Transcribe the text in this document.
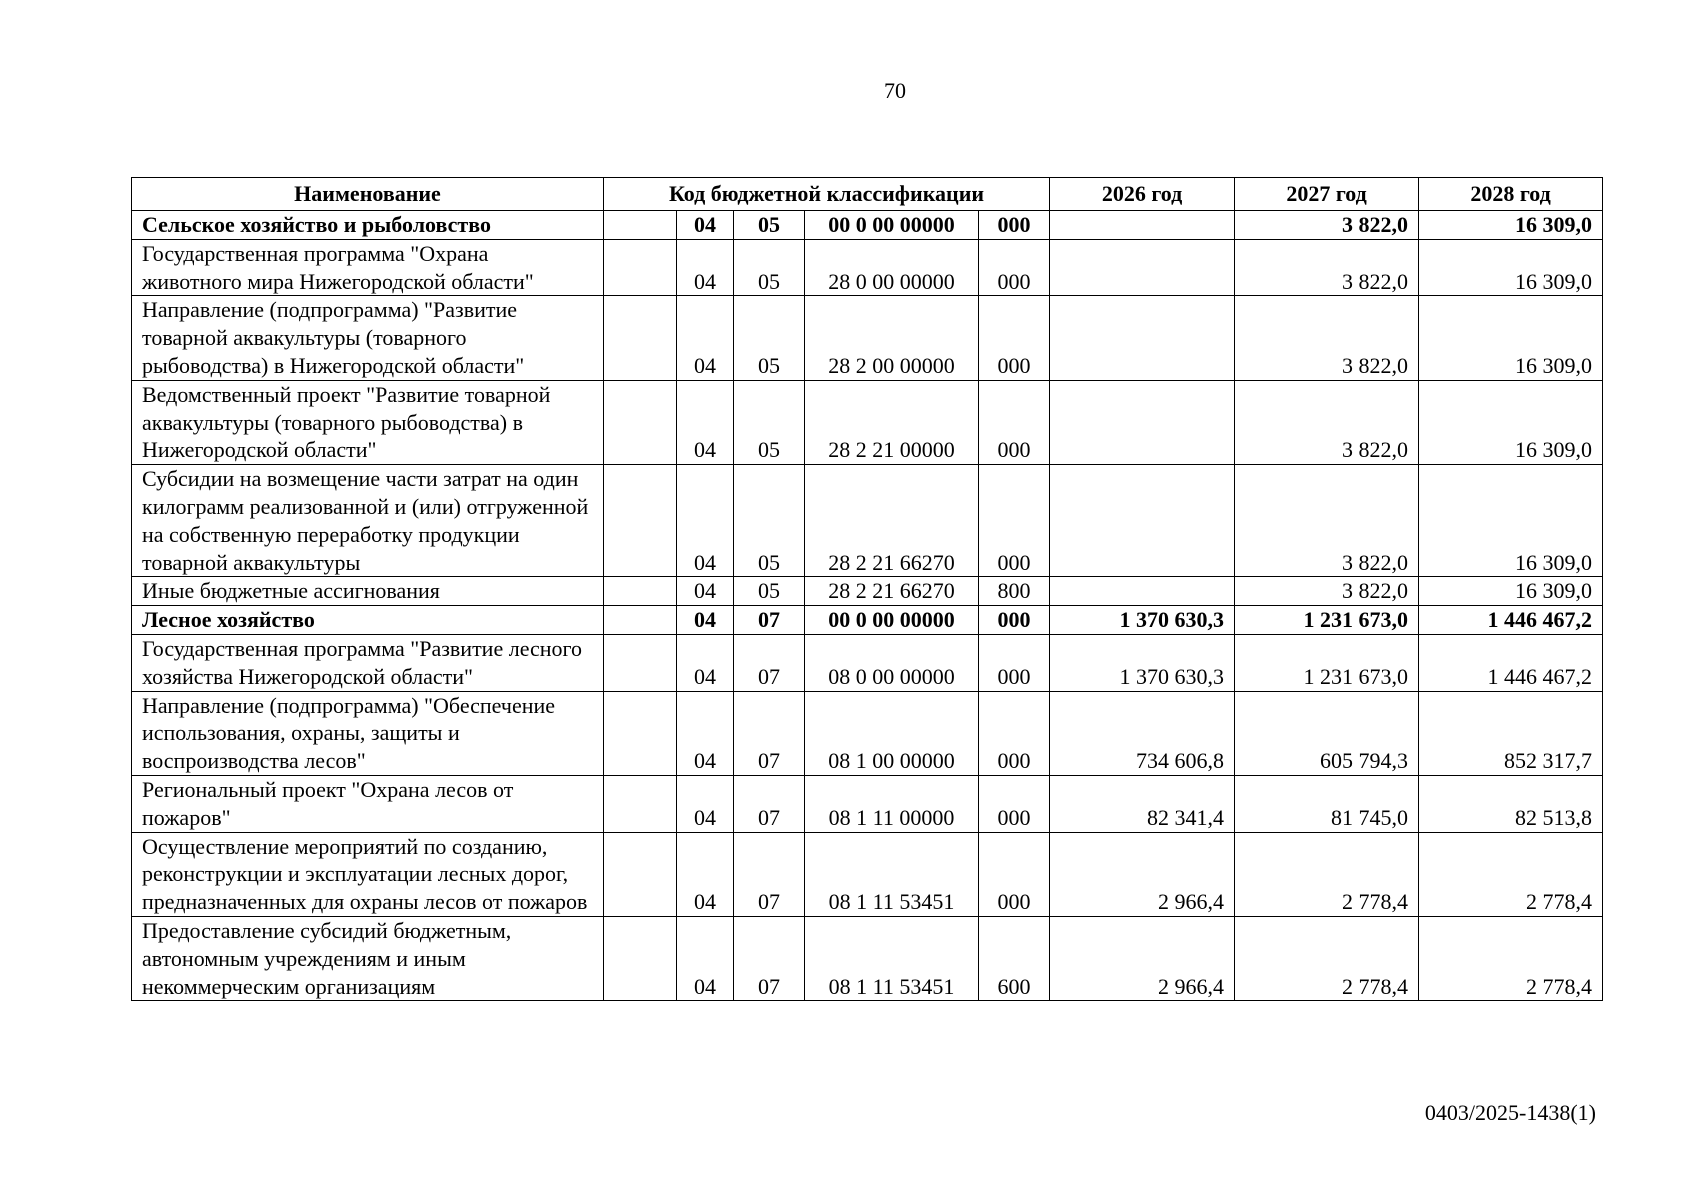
70
Наименование	Код бюджетной классификации					2026 год	2027 год	2028 год
Сельское хозяйство и рыболовство		04	05	00 0 00 00000	000		3 822,0	16 309,0
Государственная программа "Охрана животного мира Нижегородской области"		04	05	28 0 00 00000	000		3 822,0	16 309,0
Направление (подпрограмма) "Развитие товарной аквакультуры (товарного рыбоводства) в Нижегородской области"		04	05	28 2 00 00000	000		3 822,0	16 309,0
Ведомственный проект "Развитие товарной аквакультуры (товарного рыбоводства) в Нижегородской области"		04	05	28 2 21 00000	000		3 822,0	16 309,0
Субсидии на возмещение части затрат на один килограмм реализованной и (или) отгруженной на собственную переработку продукции товарной аквакультуры		04	05	28 2 21 66270	000		3 822,0	16 309,0
Иные бюджетные ассигнования		04	05	28 2 21 66270	800		3 822,0	16 309,0
Лесное хозяйство		04	07	00 0 00 00000	000	1 370 630,3	1 231 673,0	1 446 467,2
Государственная программа "Развитие лесного хозяйства Нижегородской области"		04	07	08 0 00 00000	000	1 370 630,3	1 231 673,0	1 446 467,2
Направление (подпрограмма) "Обеспечение использования, охраны, защиты и воспроизводства лесов"		04	07	08 1 00 00000	000	734 606,8	605 794,3	852 317,7
Региональный проект "Охрана лесов от пожаров"		04	07	08 1 11 00000	000	82 341,4	81 745,0	82 513,8
Осуществление мероприятий по созданию, реконструкции и эксплуатации лесных дорог, предназначенных для охраны лесов от пожаров		04	07	08 1 11 53451	000	2 966,4	2 778,4	2 778,4
Предоставление субсидий бюджетным, автономным учреждениям и иным некоммерческим организациям		04	07	08 1 11 53451	600	2 966,4	2 778,4	2 778,4
0403/2025-1438(1)
